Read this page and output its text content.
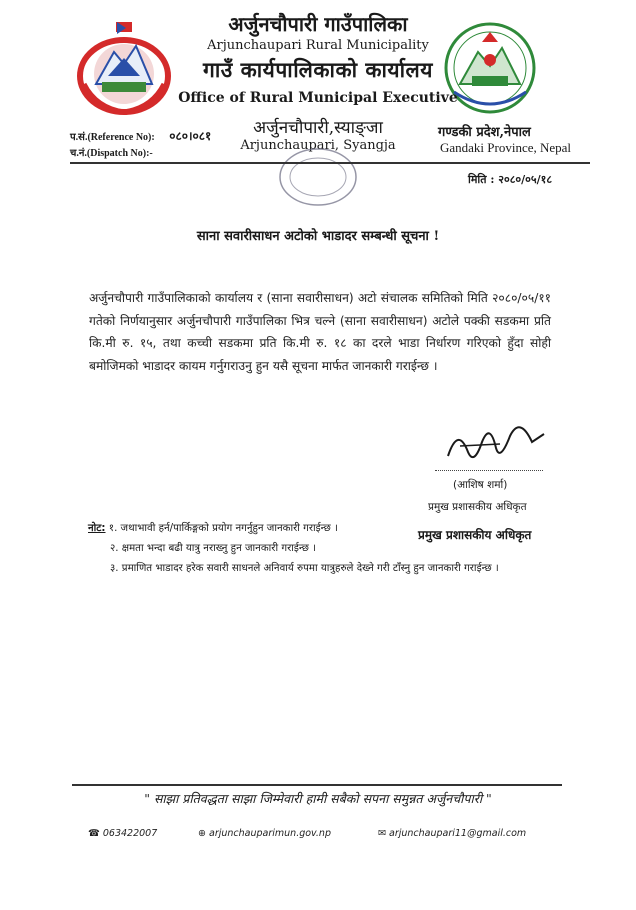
अर्जुनचौपारी गाउँपालिका
Arjunchaupari Rural Municipality
गाउँ कार्यपालिकाको कार्यालय
Office of Rural Municipal Executive
अर्जुनचौपारी,स्याङ्जा
Arjunchaupari, Syangja
प.सं.(Reference No): ०८०।०८१
च.नं.(Dispatch No):-
गण्डकी प्रदेश,नेपाल
Gandaki Province, Nepal
मिति : २०८०/०५/१८
साना सवारीसाधन अटोको भाडादर सम्बन्धी सूचना !
अर्जुनचौपारी गाउँपालिकाको कार्यालय र (साना सवारीसाधन) अटो संचालक समितिको मिति २०८०/०५/११ गतेको निर्णयानुसार अर्जुनचौपारी गाउँपालिका भित्र चल्ने (साना सवारीसाधन) अटोले पक्की सडकमा प्रति कि.मी रु. १५, तथा कच्ची सडकमा प्रति कि.मी रु. १८ का दरले भाडा निर्धारण गरिएको हुँदा सोही बमोजिमको भाडादर कायम गर्नुगराउनु हुन यसै सूचना मार्फत जानकारी गराईन्छ ।
(आशिष शर्मा)
प्रमुख प्रशासकीय अधिकृत
प्रमुख प्रशासकीय अधिकृत
नोट: १. जथाभावी हर्न/पार्किङ्गको प्रयोग नगर्नुहुन जानकारी गराईन्छ ।
२. क्षमता भन्दा बढी यात्रु नराख्नु हुन जानकारी गराईन्छ ।
३. प्रमाणित भाडादर हरेक सवारी साधनले अनिवार्य रुपमा यात्रुहरुले देख्ने गरी टाँस्नु हुन जानकारी गराईन्छ ।
" साझा प्रतिवद्धता साझा जिम्मेवारी हामी सबैको सपना समुन्नत अर्जुनचौपारी "
☎ 063422007	⊕ arjunchauparimun.gov.np	✉ arjunchaupari11@gmail.com
